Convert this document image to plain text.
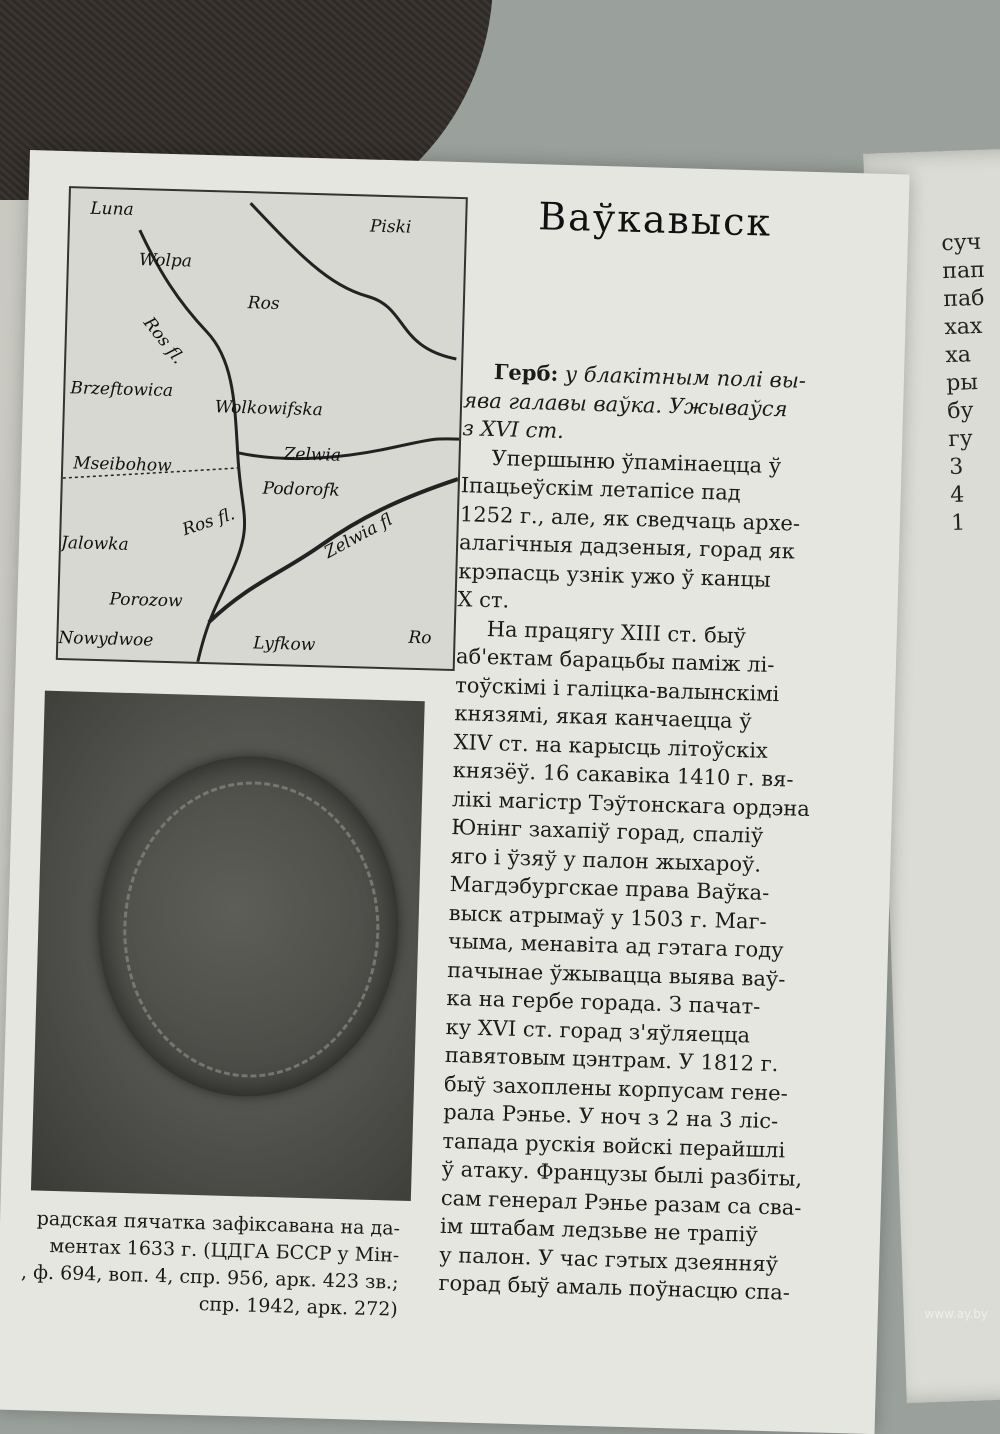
суч
пап
паб
хах
ха
ры
бу
гу
3
4
1
Luna
Piski
Wolpa
Ros
Ros fl.
Brzeftowica
Wolkowifska
Zelwia
Mseibohow
Podorofk
Ros fl.	Zelwia fl
Jalowka
Porozow
Nowydwoe	Lyfkow	Ro
радская пячатка зафіксавана на да-
ментах 1633 г. (ЦДГА БССР у Мін-
, ф. 694, воп. 4, спр. 956, арк. 423 зв.;
спр. 1942, арк. 272)
Ваўкавыск

Герб: у блакітным полі вы-
ява галавы ваўка. Ужываўся
з XVI ст.

Упершыню ўпамінаецца ў
Іпацьеўскім летапісе пад
1252 г., але, як сведчаць архе-
алагічныя дадзеныя, горад як
крэпасць узнік ужо ў канцы
X ст.

На працягу XIII ст. быў
аб'ектам барацьбы паміж лі-
тоўскімі і галіцка-валынскімі
князямі, якая канчаецца ў
XIV ст. на карысць літоўскіх
князёў. 16 сакавіка 1410 г. вя-
лікі магістр Тэўтонскага ордэна
Юнінг захапіў горад, спаліў
яго і ўзяў у палон жыхароў.
Магдэбургскае права Ваўка-
выск атрымаў у 1503 г. Маг-
чыма, менавіта ад гэтага году
пачынае ўжывацца выява ваў-
ка на гербе горада. З пачат-
ку XVI ст. горад з'яўляецца
павятовым цэнтрам. У 1812 г.
быў захоплены корпусам гене-
рала Рэнье. У ноч з 2 на 3 ліс-
тапада рускія войскі перайшлі
ў атаку. Французы былі разбіты,
сам генерал Рэнье разам са сва-
ім штабам ледзьве не трапіў
у палон. У час гэтых дзеянняў
горад быў амаль поўнасцю спа-

www.ay.by
